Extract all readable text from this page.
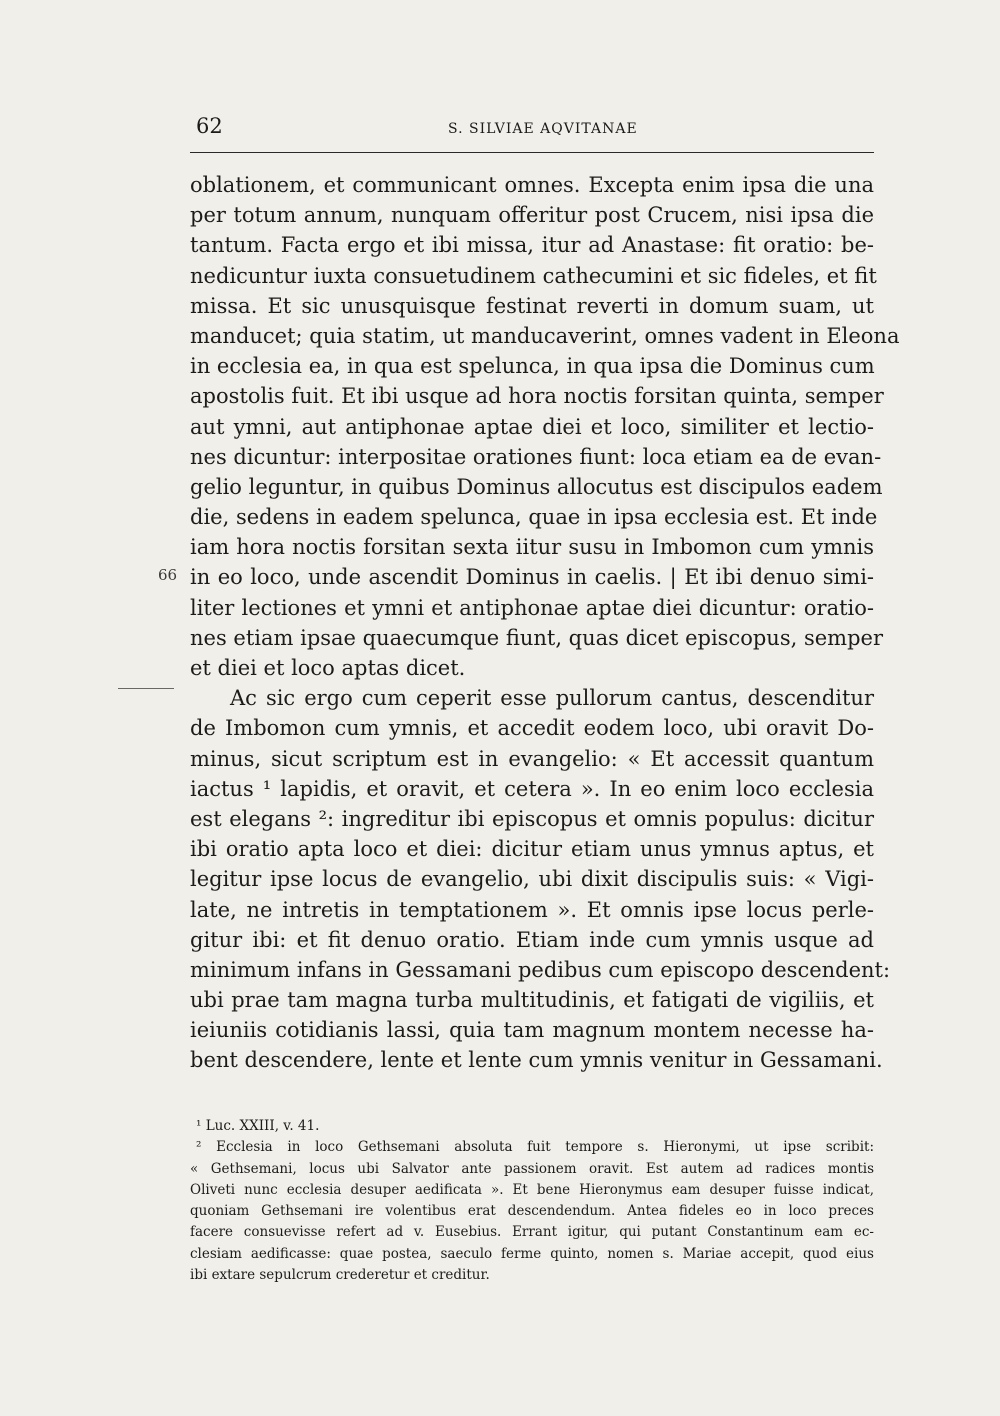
62	S. SILVIAE AQVITANAE
66
oblationem, et communicant omnes. Excepta enim ipsa die una
per totum annum, nunquam offeritur post Crucem, nisi ipsa die
tantum. Facta ergo et ibi missa, itur ad Anastase: fit oratio: be-
nedicuntur iuxta consuetudinem cathecumini et sic fideles, et fit
missa. Et sic unusquisque festinat reverti in domum suam, ut
manducet; quia statim, ut manducaverint, omnes vadent in Eleona
in ecclesia ea, in qua est spelunca, in qua ipsa die Dominus cum
apostolis fuit. Et ibi usque ad hora noctis forsitan quinta, semper
aut ymni, aut antiphonae aptae diei et loco, similiter et lectio-
nes dicuntur: interpositae orationes fiunt: loca etiam ea de evan-
gelio leguntur, in quibus Dominus allocutus est discipulos eadem
die, sedens in eadem spelunca, quae in ipsa ecclesia est. Et inde
iam hora noctis forsitan sexta iitur susu in Imbomon cum ymnis
in eo loco, unde ascendit Dominus in caelis. | Et ibi denuo simi-
liter lectiones et ymni et antiphonae aptae diei dicuntur: oratio-
nes etiam ipsae quaecumque fiunt, quas dicet episcopus, semper
et diei et loco aptas dicet.
Ac sic ergo cum ceperit esse pullorum cantus, descenditur
de Imbomon cum ymnis, et accedit eodem loco, ubi oravit Do-
minus, sicut scriptum est in evangelio: « Et accessit quantum
iactus ¹ lapidis, et oravit, et cetera ». In eo enim loco ecclesia
est elegans ²: ingreditur ibi episcopus et omnis populus: dicitur
ibi oratio apta loco et diei: dicitur etiam unus ymnus aptus, et
legitur ipse locus de evangelio, ubi dixit discipulis suis: « Vigi-
late, ne intretis in temptationem ». Et omnis ipse locus perle-
gitur ibi: et fit denuo oratio. Etiam inde cum ymnis usque ad
minimum infans in Gessamani pedibus cum episcopo descendent:
ubi prae tam magna turba multitudinis, et fatigati de vigiliis, et
ieiuniis cotidianis lassi, quia tam magnum montem necesse ha-
bent descendere, lente et lente cum ymnis venitur in Gessamani.
¹ Luc. XXIII, v. 41.
² Ecclesia in loco Gethsemani absoluta fuit tempore s. Hieronymi, ut ipse scribit:
« Gethsemani, locus ubi Salvator ante passionem oravit. Est autem ad radices montis
Oliveti nunc ecclesia desuper aedificata ». Et bene Hieronymus eam desuper fuisse indicat,
quoniam Gethsemani ire volentibus erat descendendum. Antea fideles eo in loco preces
facere consuevisse refert ad v. Eusebius. Errant igitur, qui putant Constantinum eam ec-
clesiam aedificasse: quae postea, saeculo ferme quinto, nomen s. Mariae accepit, quod eius
ibi extare sepulcrum crederetur et creditur.
